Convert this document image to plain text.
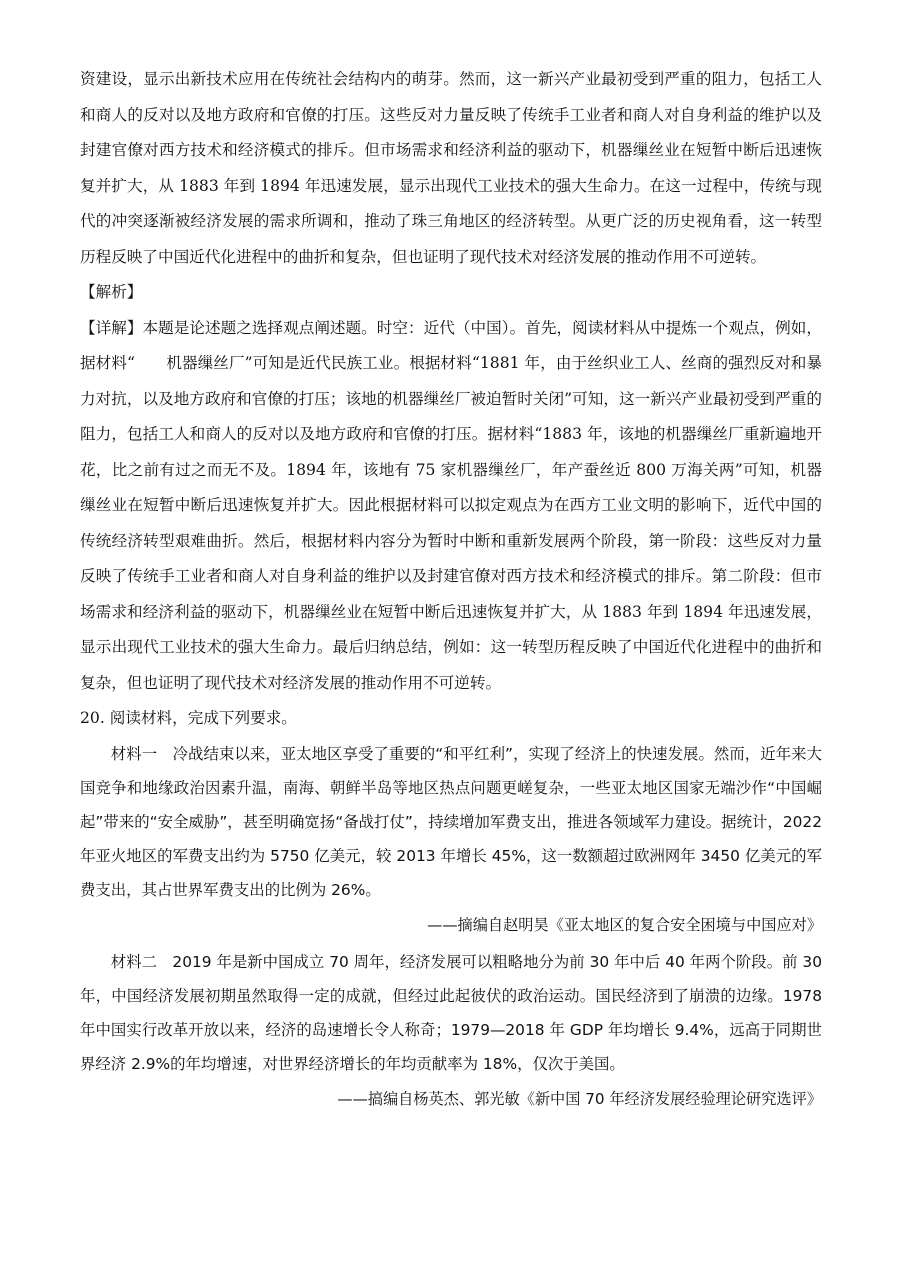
资建设，显示出新技术应用在传统社会结构内的萌芽。然而，这一新兴产业最初受到严重的阻力，包括工人和商人的反对以及地方政府和官僚的打压。这些反对力量反映了传统手工业者和商人对自身利益的维护以及封建官僚对西方技术和经济模式的排斥。但市场需求和经济利益的驱动下，机器缫丝业在短暂中断后迅速恢复并扩大，从 1883 年到 1894 年迅速发展，显示出现代工业技术的强大生命力。在这一过程中，传统与现代的冲突逐渐被经济发展的需求所调和，推动了珠三角地区的经济转型。从更广泛的历史视角看，这一转型历程反映了中国近代化进程中的曲折和复杂，但也证明了现代技术对经济发展的推动作用不可逆转。

【解析】

【详解】本题是论述题之选择观点阐述题。时空：近代（中国）。首先，阅读材料从中提炼一个观点，例如，据材料“　　机器缫丝厂”可知是近代民族工业。根据材料“1881 年，由于丝织业工人、丝商的强烈反对和暴力对抗，以及地方政府和官僚的打压；该地的机器缫丝厂被迫暂时关闭”可知，这一新兴产业最初受到严重的阻力，包括工人和商人的反对以及地方政府和官僚的打压。据材料“1883 年，该地的机器缫丝厂重新遍地开花，比之前有过之而无不及。1894 年，该地有 75 家机器缫丝厂，年产蚕丝近 800 万海关两”可知，机器缫丝业在短暂中断后迅速恢复并扩大。因此根据材料可以拟定观点为在西方工业文明的影响下，近代中国的传统经济转型艰难曲折。然后，根据材料内容分为暂时中断和重新发展两个阶段，第一阶段：这些反对力量反映了传统手工业者和商人对自身利益的维护以及封建官僚对西方技术和经济模式的排斥。第二阶段：但市场需求和经济利益的驱动下，机器缫丝业在短暂中断后迅速恢复并扩大，从 1883 年到 1894 年迅速发展，显示出现代工业技术的强大生命力。最后归纳总结，例如：这一转型历程反映了中国近代化进程中的曲折和复杂，但也证明了现代技术对经济发展的推动作用不可逆转。

20. 阅读材料，完成下列要求。

材料一　冷战结束以来，亚太地区享受了重要的“和平红利”，实现了经济上的快速发展。然而，近年来大国竞争和地缘政治因素升温，南海、朝鲜半岛等地区热点问题更嵯复杂，一些亚太地区国家无端沙作“中国崛起”带来的“安全威胁”，甚至明确宽扬“备战打仗”，持续增加军费支出，推进各领域军力建设。据统计，2022 年亚火地区的军费支出约为 5750 亿美元，较 2013 年增长 45%，这一数额超过欧洲网年 3450 亿美元的军费支出，其占世界军费支出的比例为 26%。

——摘编自赵明昊《亚太地区的复合安全困境与中国应对》

材料二　2019 年是新中国成立 70 周年，经济发展可以粗略地分为前 30 年中后 40 年两个阶段。前 30 年，中国经济发展初期虽然取得一定的成就，但经过此起彼伏的政治运动。国民经济到了崩溃的边缘。1978 年中国实行改革开放以来，经济的岛速增长令人称奇；1979—2018 年 GDP 年均增长 9.4%，远高于同期世界经济 2.9%的年均增速，对世界经济增长的年均贡献率为 18%，仅次于美国。

——搞编自杨英杰、郭光敏《新中国 70 年经济发展经验理论研究选评》
